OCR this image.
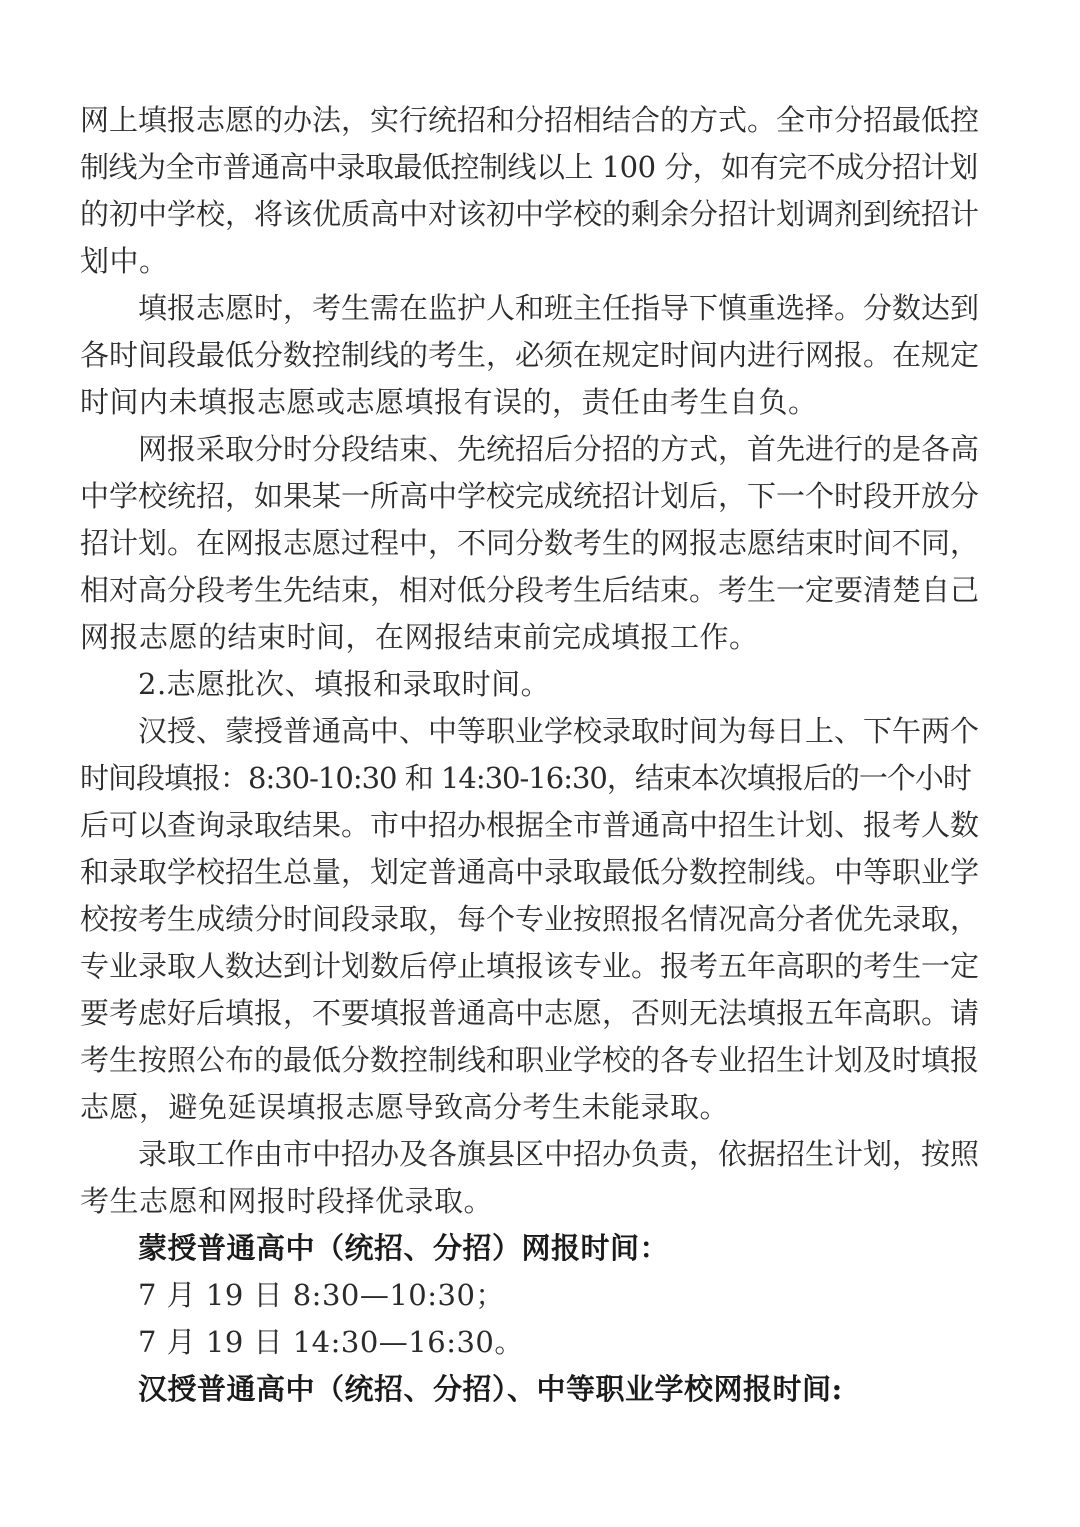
网上填报志愿的办法，实行统招和分招相结合的方式。全市分招最低控
制线为全市普通高中录取最低控制线以上 100 分，如有完不成分招计划
的初中学校，将该优质高中对该初中学校的剩余分招计划调剂到统招计
划中。
填报志愿时，考生需在监护人和班主任指导下慎重选择。分数达到
各时间段最低分数控制线的考生，必须在规定时间内进行网报。在规定
时间内未填报志愿或志愿填报有误的，责任由考生自负。
网报采取分时分段结束、先统招后分招的方式，首先进行的是各高
中学校统招，如果某一所高中学校完成统招计划后，下一个时段开放分
招计划。在网报志愿过程中，不同分数考生的网报志愿结束时间不同，
相对高分段考生先结束，相对低分段考生后结束。考生一定要清楚自己
网报志愿的结束时间，在网报结束前完成填报工作。
2.志愿批次、填报和录取时间。
汉授、蒙授普通高中、中等职业学校录取时间为每日上、下午两个
时间段填报：8:30-10:30 和 14:30-16:30，结束本次填报后的一个小时
后可以查询录取结果。市中招办根据全市普通高中招生计划、报考人数
和录取学校招生总量，划定普通高中录取最低分数控制线。中等职业学
校按考生成绩分时间段录取，每个专业按照报名情况高分者优先录取，
专业录取人数达到计划数后停止填报该专业。报考五年高职的考生一定
要考虑好后填报，不要填报普通高中志愿，否则无法填报五年高职。请
考生按照公布的最低分数控制线和职业学校的各专业招生计划及时填报
志愿，避免延误填报志愿导致高分考生未能录取。
录取工作由市中招办及各旗县区中招办负责，依据招生计划，按照
考生志愿和网报时段择优录取。
蒙授普通高中（统招、分招）网报时间：
7 月 19 日 8:30—10:30；
7 月 19 日 14:30—16:30。
汉授普通高中（统招、分招）、中等职业学校网报时间:
